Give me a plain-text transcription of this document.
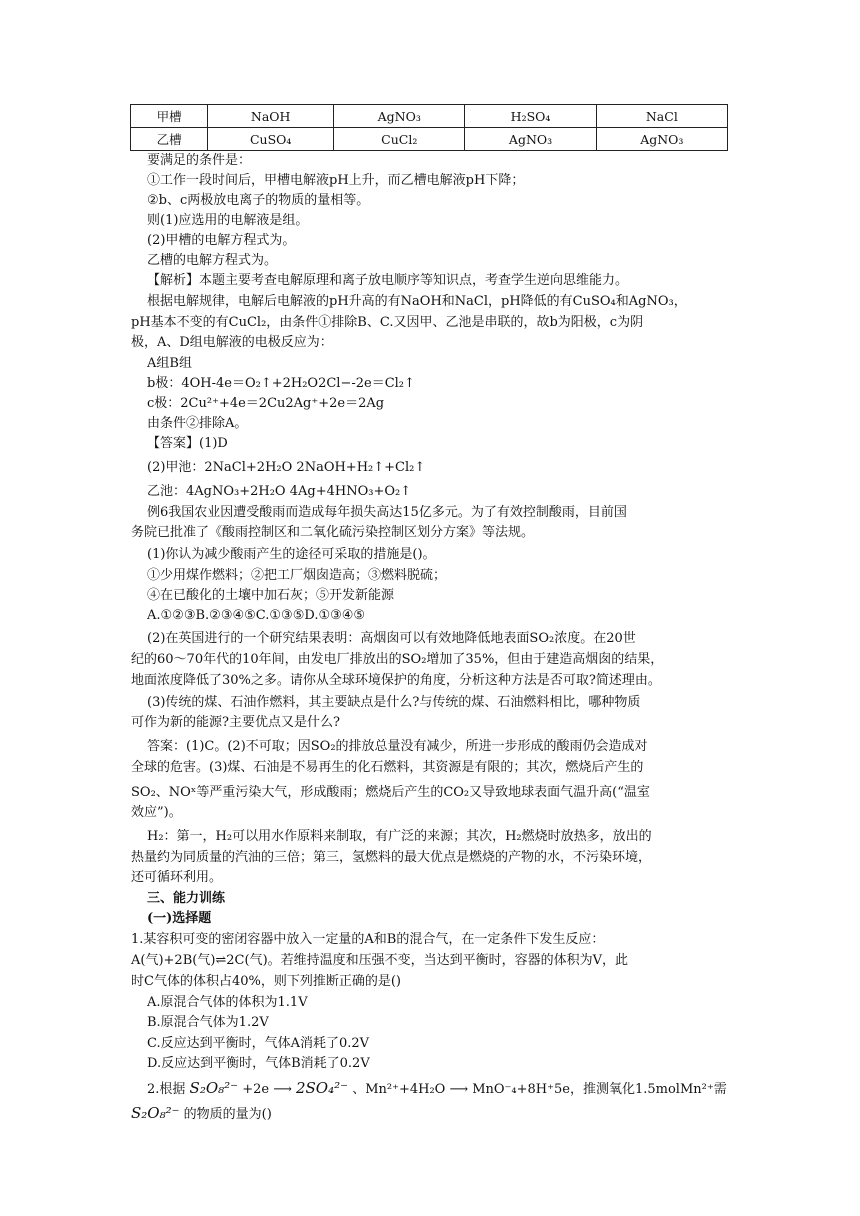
甲槽	NaOH	AgNO₃	H₂SO₄	NaCl
乙槽	CuSO₄	CuCl₂	AgNO₃	AgNO₃
要满足的条件是：
①工作一段时间后，甲槽电解液pH上升，而乙槽电解液pH下降；
②b、c两极放电离子的物质的量相等。
则(1)应选用的电解液是组。
(2)甲槽的电解方程式为。
乙槽的电解方程式为。
【解析】本题主要考查电解原理和离子放电顺序等知识点，考查学生逆向思维能力。
根据电解规律，电解后电解液的pH升高的有NaOH和NaCl，pH降低的有CuSO₄和AgNO₃，
pH基本不变的有CuCl₂，由条件①排除B、C.又因甲、乙池是串联的，故b为阳极，c为阴
极，A、D组电解液的电极反应为：
A组B组
b极：4OH-4e＝O₂↑+2H₂O2Cl−-2e＝Cl₂↑
c极：2Cu²⁺+4e＝2Cu2Ag⁺+2e＝2Ag
由条件②排除A。
【答案】(1)D
(2)甲池：2NaCl+2H₂O 2NaOH+H₂↑+Cl₂↑
乙池：4AgNO₃+2H₂O 4Ag+4HNO₃+O₂↑
例6我国农业因遭受酸雨而造成每年损失高达15亿多元。为了有效控制酸雨，目前国
务院已批准了《酸雨控制区和二氧化硫污染控制区划分方案》等法规。
(1)你认为减少酸雨产生的途径可采取的措施是()。
①少用煤作燃料；②把工厂烟囱造高；③燃料脱硫；
④在已酸化的土壤中加石灰；⑤开发新能源
A.①②③B.②③④⑤C.①③⑤D.①③④⑤
(2)在英国进行的一个研究结果表明：高烟囱可以有效地降低地表面SO₂浓度。在20世
纪的60～70年代的10年间，由发电厂排放出的SO₂增加了35%，但由于建造高烟囱的结果，
地面浓度降低了30%之多。请你从全球环境保护的角度，分析这种方法是否可取?简述理由。
(3)传统的煤、石油作燃料，其主要缺点是什么?与传统的煤、石油燃料相比，哪种物质
可作为新的能源?主要优点又是什么?
答案：(1)C。(2)不可取；因SO₂的排放总量没有减少，所进一步形成的酸雨仍会造成对
全球的危害。(3)煤、石油是不易再生的化石燃料，其资源是有限的；其次，燃烧后产生的
SO₂、NOˣ等严重污染大气，形成酸雨；燃烧后产生的CO₂又导致地球表面气温升高(“温室
效应”)。
H₂：第一，H₂可以用水作原料来制取，有广泛的来源；其次，H₂燃烧时放热多，放出的
热量约为同质量的汽油的三倍；第三，氢燃料的最大优点是燃烧的产物的水，不污染环境，
还可循环利用。
三、能力训练
(一)选择题
1.某容积可变的密闭容器中放入一定量的A和B的混合气，在一定条件下发生反应：
A(气)+2B(气)⇌2C(气)。若维持温度和压强不变，当达到平衡时，容器的体积为V，此
时C气体的体积占40%，则下列推断正确的是()
A.原混合气体的体积为1.1V
B.原混合气体为1.2V
C.反应达到平衡时，气体A消耗了0.2V
D.反应达到平衡时，气体B消耗了0.2V
2.根据 S₂O₈²⁻ +2e ⟶ 2SO₄²⁻ 、Mn²⁺+4H₂O ⟶ MnO⁻₄+8H⁺5e，推测氧化1.5molMn²⁺需
S₂O₈²⁻ 的物质的量为()
